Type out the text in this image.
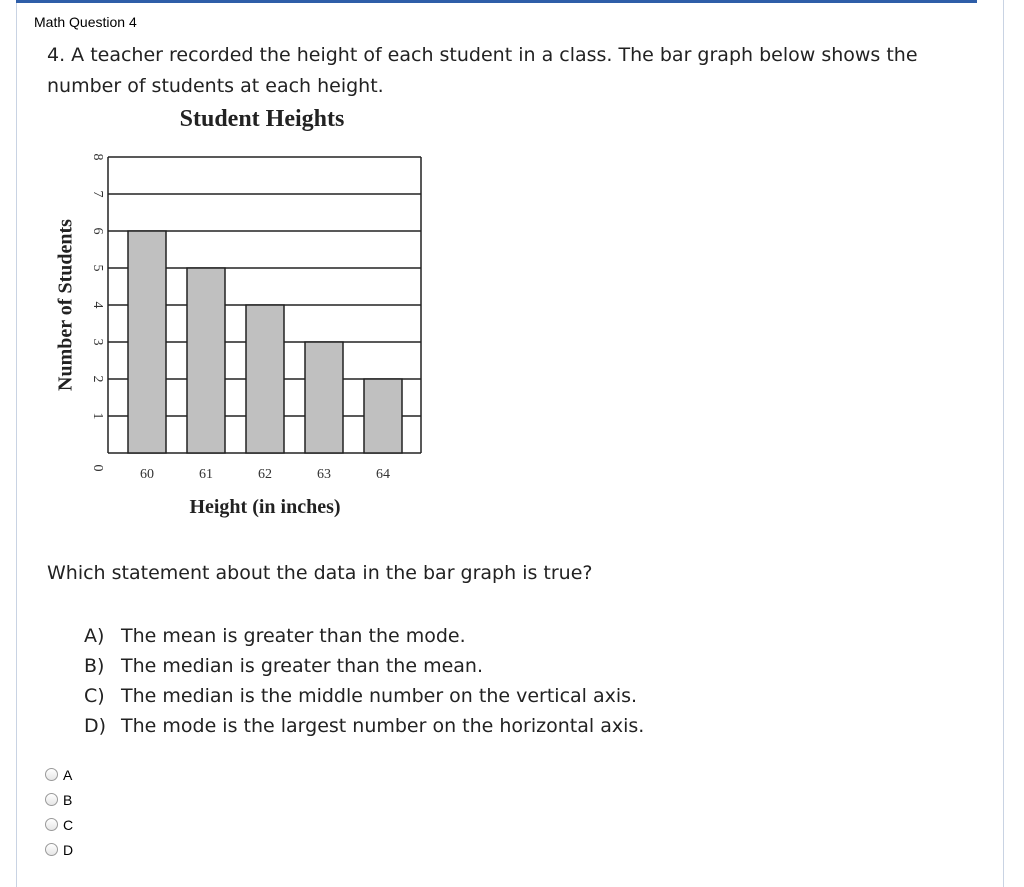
Math Question 4
4. A teacher recorded the height of each student in a class. The bar graph below shows the number of students at each height.
Student Heights
0
1
2
3
4
5
6
7
8
60	61	62	63	64
Height (in inches)
Number of Students
Which statement about the data in the bar graph is true?
A) The mean is greater than the mode.
B) The median is greater than the mean.
C) The median is the middle number on the vertical axis.
D) The mode is the largest number on the horizontal axis.
A
B
C
D
